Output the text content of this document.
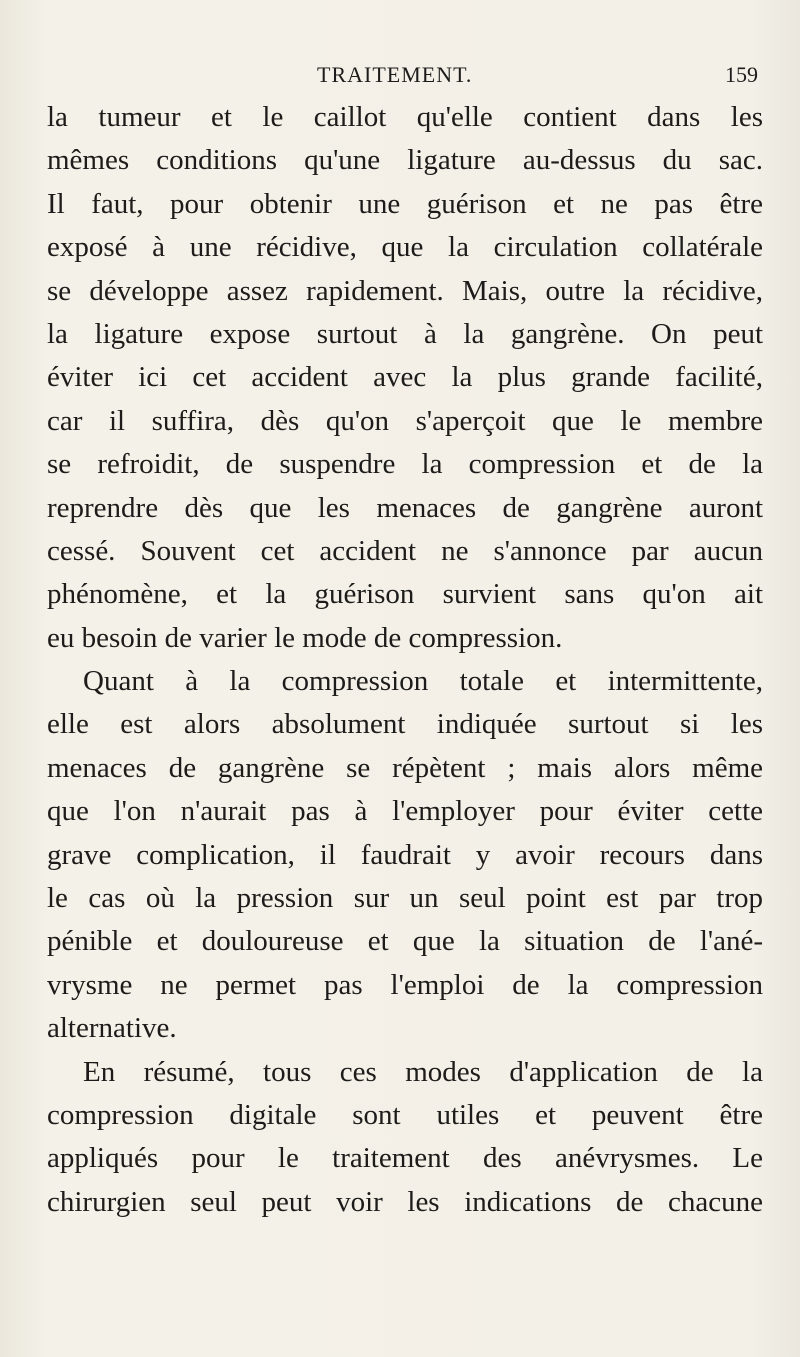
TRAITEMENT.	159
la tumeur et le caillot qu'elle contient dans les
mêmes conditions qu'une ligature au-dessus du sac.
Il faut, pour obtenir une guérison et ne pas être
exposé à une récidive, que la circulation collatérale
se développe assez rapidement. Mais, outre la récidive,
la ligature expose surtout à la gangrène. On peut
éviter ici cet accident avec la plus grande facilité,
car il suffira, dès qu'on s'aperçoit que le membre
se refroidit, de suspendre la compression et de la
reprendre dès que les menaces de gangrène auront
cessé. Souvent cet accident ne s'annonce par aucun
phénomène, et la guérison survient sans qu'on ait
eu besoin de varier le mode de compression.
Quant à la compression totale et intermittente,
elle est alors absolument indiquée surtout si les
menaces de gangrène se répètent ; mais alors même
que l'on n'aurait pas à l'employer pour éviter cette
grave complication, il faudrait y avoir recours dans
le cas où la pression sur un seul point est par trop
pénible et douloureuse et que la situation de l'ané-
vrysme ne permet pas l'emploi de la compression
alternative.
En résumé, tous ces modes d'application de la
compression digitale sont utiles et peuvent être
appliqués pour le traitement des anévrysmes. Le
chirurgien seul peut voir les indications de chacune
